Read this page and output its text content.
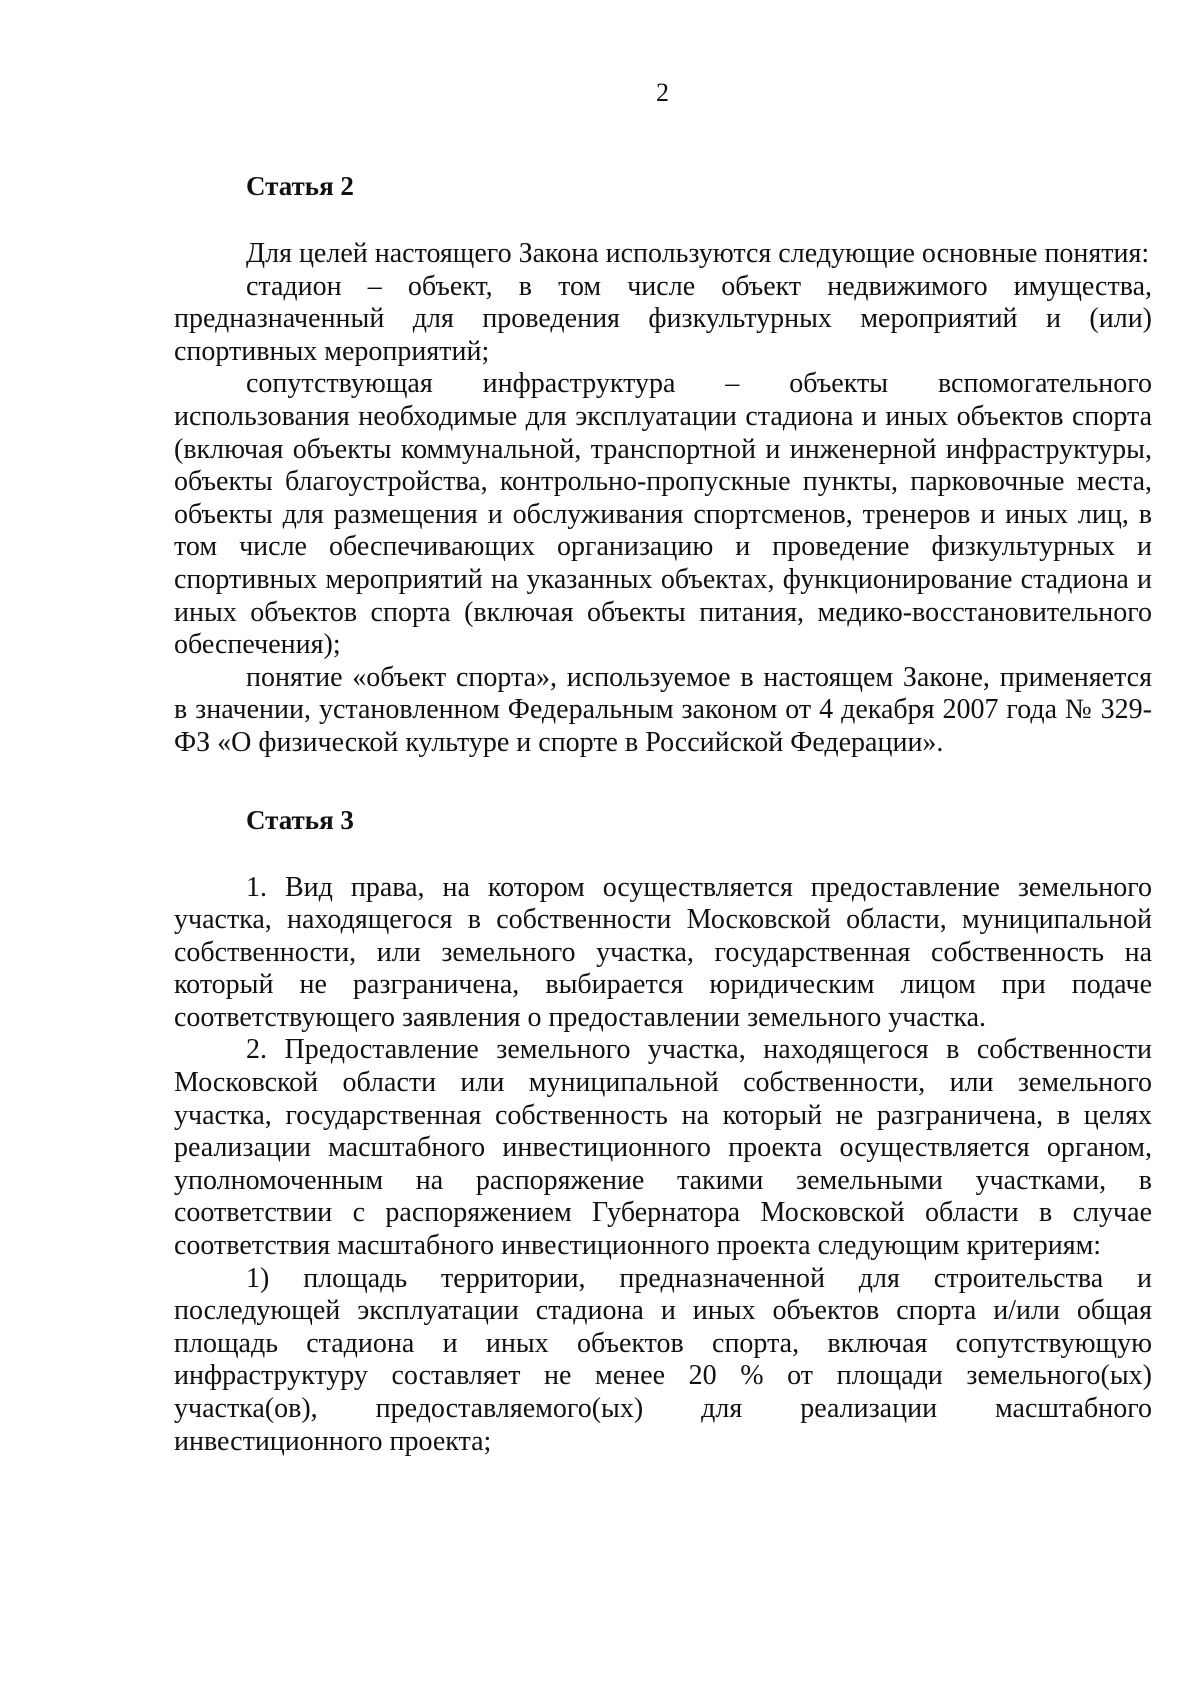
2

Статья 2

Для целей настоящего Закона используются следующие основные понятия:

стадион – объект, в том числе объект недвижимого имущества, предназначенный для проведения физкультурных мероприятий и (или) спортивных мероприятий;

сопутствующая инфраструктура – объекты вспомогательного использования необходимые для эксплуатации стадиона и иных объектов спорта (включая объекты коммунальной, транспортной и инженерной инфраструктуры, объекты благоустройства, контрольно-пропускные пункты, парковочные места, объекты для размещения и обслуживания спортсменов, тренеров и иных лиц, в том числе обеспечивающих организацию и проведение физкультурных и спортивных мероприятий на указанных объектах, функционирование стадиона и иных объектов спорта (включая объекты питания, медико-восстановительного обеспечения);

понятие «объект спорта», используемое в настоящем Законе, применяется в значении, установленном Федеральным законом от 4 декабря 2007 года № 329-ФЗ «О физической культуре и спорте в Российской Федерации».

Статья 3

1. Вид права, на котором осуществляется предоставление земельного участка, находящегося в собственности Московской области, муниципальной собственности, или земельного участка, государственная собственность на который не разграничена, выбирается юридическим лицом при подаче соответствующего заявления о предоставлении земельного участка.

2. Предоставление земельного участка, находящегося в собственности Московской области или муниципальной собственности, или земельного участка, государственная собственность на который не разграничена, в целях реализации масштабного инвестиционного проекта осуществляется органом, уполномоченным на распоряжение такими земельными участками, в соответствии с распоряжением Губернатора Московской области в случае соответствия масштабного инвестиционного проекта следующим критериям:

1) площадь территории, предназначенной для строительства и последующей эксплуатации стадиона и иных объектов спорта и/или общая площадь стадиона и иных объектов спорта, включая сопутствующую инфраструктуру составляет не менее 20 % от площади земельного(ых) участка(ов), предоставляемого(ых) для реализации масштабного инвестиционного проекта;
